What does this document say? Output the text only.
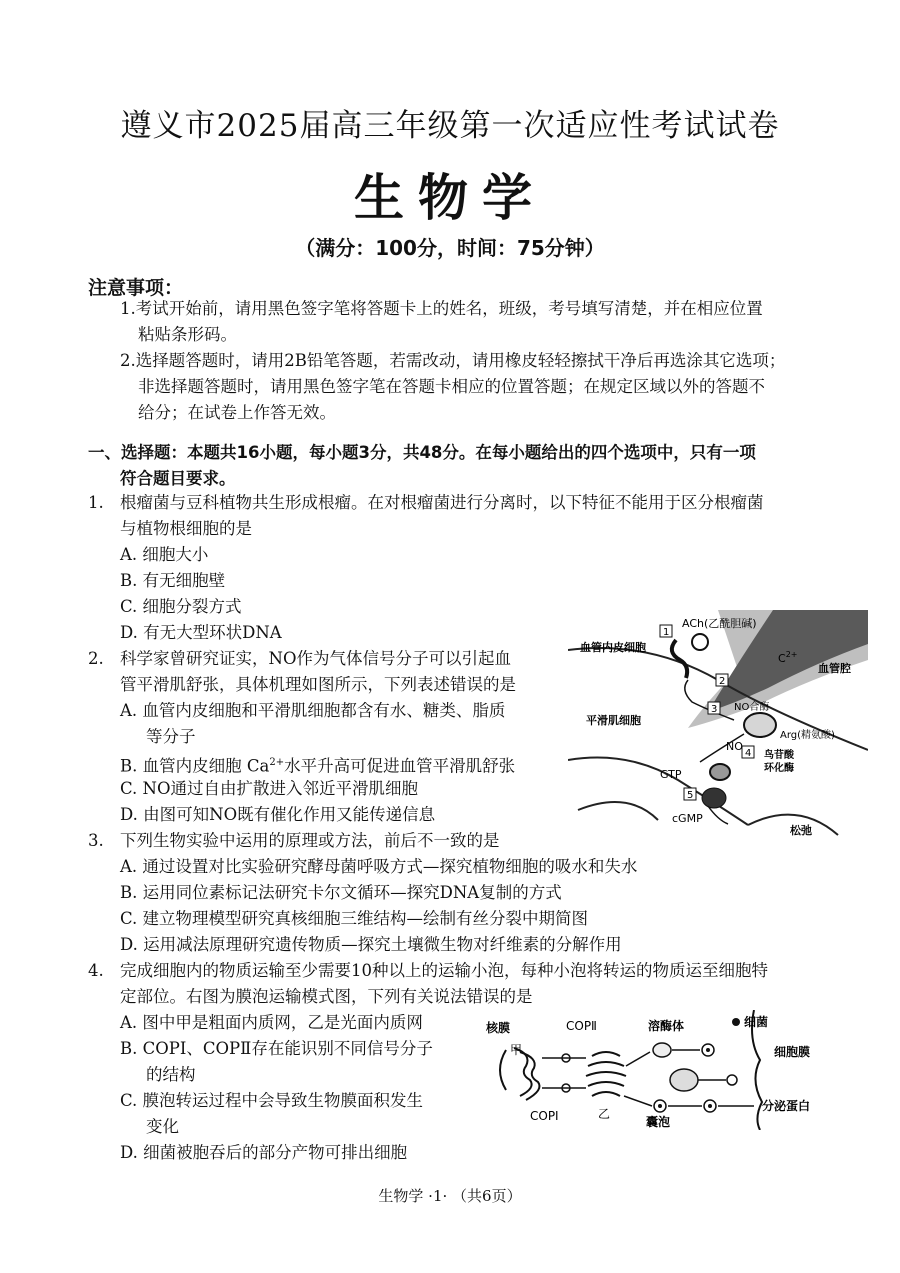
遵义市2025届高三年级第一次适应性考试试卷
生物学
（满分：100分，时间：75分钟）
注意事项：
1.考试开始前，请用黑色签字笔将答题卡上的姓名，班级，考号填写清楚，并在相应位置
粘贴条形码。
2.选择题答题时，请用2B铅笔答题，若需改动，请用橡皮轻轻擦拭干净后再选涂其它选项；
非选择题答题时，请用黑色签字笔在答题卡相应的位置答题；在规定区域以外的答题不
给分；在试卷上作答无效。
一、选择题：本题共16小题，每小题3分，共48分。在每小题给出的四个选项中，只有一项
符合题目要求。
1. 根瘤菌与豆科植物共生形成根瘤。在对根瘤菌进行分离时，以下特征不能用于区分根瘤菌
与植物根细胞的是
A. 细胞大小
B. 有无细胞壁
C. 细胞分裂方式
D. 有无大型环状DNA
2. 科学家曾研究证实，NO作为气体信号分子可以引起血
管平滑肌舒张，具体机理如图所示，下列表述错误的是
A. 血管内皮细胞和平滑肌细胞都含有水、糖类、脂质
等分子
B. 血管内皮细胞 $Ca^{2+}$水平升高可促进血管平滑肌舒张
C. NO通过自由扩散进入邻近平滑肌细胞
D. 由图可知NO既有催化作用又能传递信息
1
2
4
5
3
血管内皮细胞
ACh(乙酰胆碱)
$C^{2+}$
血管腔
NO合酶
Arg(精氨酸)
平滑肌细胞
NO
鸟苷酸
环化酶
GTP
cGMP
松弛
3. 下列生物实验中运用的原理或方法，前后不一致的是
A. 通过设置对比实验研究酵母菌呼吸方式—探究植物细胞的吸水和失水
B. 运用同位素标记法研究卡尔文循环—探究DNA复制的方式
C. 建立物理模型研究真核细胞三维结构—绘制有丝分裂中期简图
D. 运用减法原理研究遗传物质—探究土壤微生物对纤维素的分解作用
4. 完成细胞内的物质运输至少需要10种以上的运输小泡，每种小泡将转运的物质运至细胞特
定部位。右图为膜泡运输模式图，下列有关说法错误的是
A. 图中甲是粗面内质网，乙是光面内质网
B. COPⅠ、COPⅡ存在能识别不同信号分子
的结构
C. 膜泡转运过程中会导致生物膜面积发生
变化
D. 细菌被胞吞后的部分产物可排出细胞
核膜
甲
COPⅡ	溶酶体	细菌
细胞膜
COPⅠ	乙
囊泡
分泌蛋白
生物学 ·1· （共6页）
